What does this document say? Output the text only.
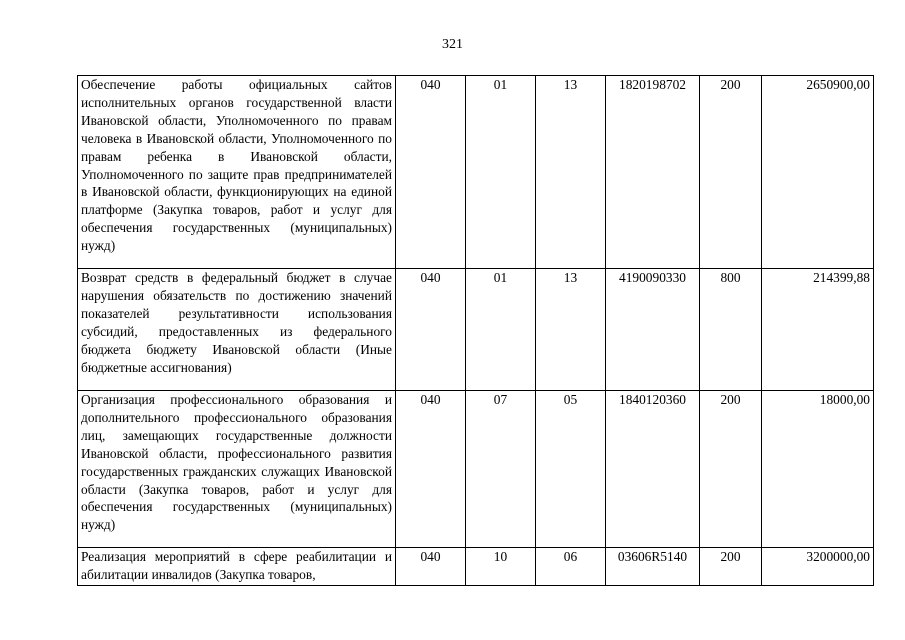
321
Обеспечение работы официальных сайтов исполнительных органов государственной власти Ивановской области, Уполномоченного по правам человека в Ивановской области, Уполномоченного по правам ребенка в Ивановской области, Уполномоченного по защите прав предпринимателей в Ивановской области, функционирующих на единой платформе (Закупка товаров, работ и услуг для обеспечения государственных (муниципальных) нужд)	040	01	13	1820198702	200	2650900,00
Возврат средств в федеральный бюджет в случае нарушения обязательств по достижению значений показателей результативности использования субсидий, предоставленных из федерального бюджета бюджету Ивановской области (Иные бюджетные ассигнования)	040	01	13	4190090330	800	214399,88
Организация профессионального образования и дополнительного профессионального образования лиц, замещающих государственные должности Ивановской области, профессионального развития государственных гражданских служащих Ивановской области (Закупка товаров, работ и услуг для обеспечения государственных (муниципальных) нужд)	040	07	05	1840120360	200	18000,00
Реализация мероприятий в сфере реабилитации и абилитации инвалидов (Закупка товаров,	040	10	06	03606R5140	200	3200000,00
